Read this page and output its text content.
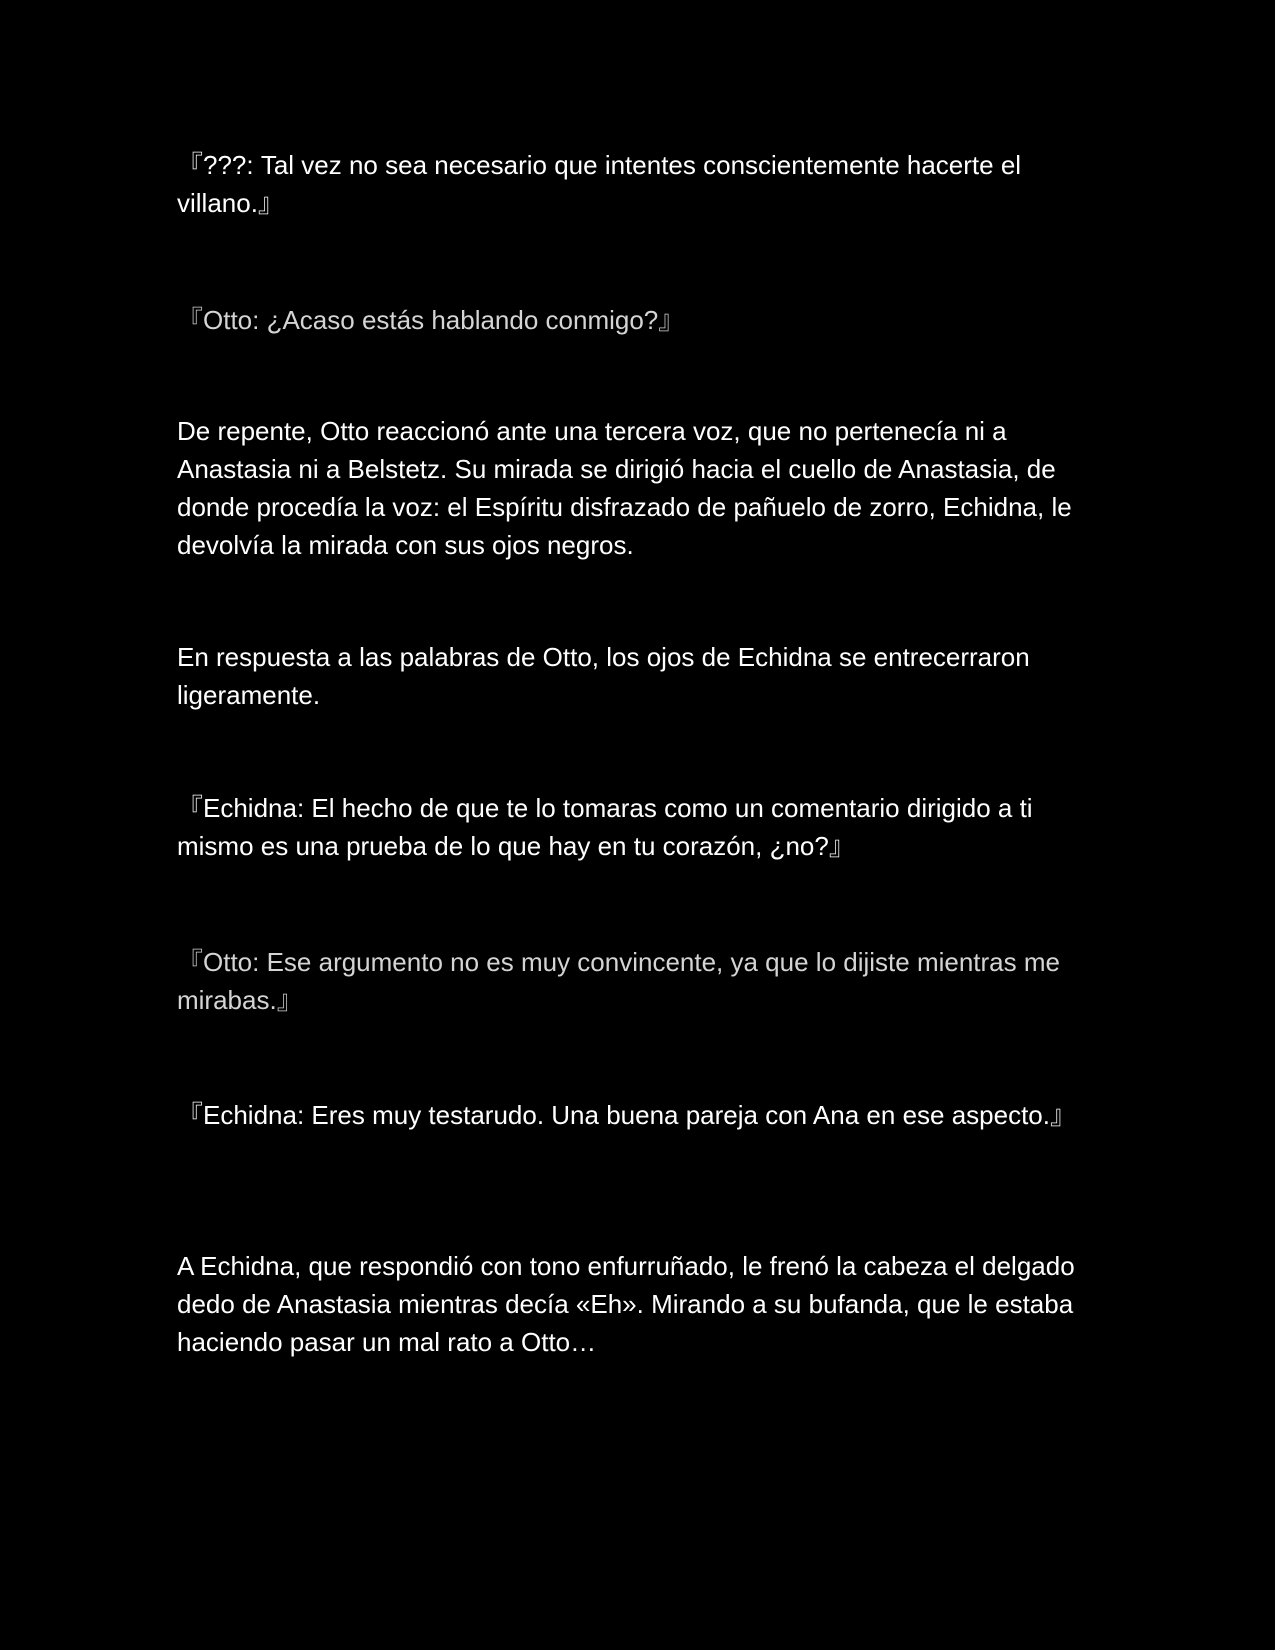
『???: Tal vez no sea necesario que intentes conscientemente hacerte el villano.』

『Otto: ¿Acaso estás hablando conmigo?』

De repente, Otto reaccionó ante una tercera voz, que no pertenecía ni a Anastasia ni a Belstetz. Su mirada se dirigió hacia el cuello de Anastasia, de donde procedía la voz: el Espíritu disfrazado de pañuelo de zorro, Echidna, le devolvía la mirada con sus ojos negros.

En respuesta a las palabras de Otto, los ojos de Echidna se entrecerraron ligeramente.

『Echidna: El hecho de que te lo tomaras como un comentario dirigido a ti mismo es una prueba de lo que hay en tu corazón, ¿no?』

『Otto: Ese argumento no es muy convincente, ya que lo dijiste mientras me mirabas.』

『Echidna: Eres muy testarudo. Una buena pareja con Ana en ese aspecto.』

A Echidna, que respondió con tono enfurruñado, le frenó la cabeza el delgado dedo de Anastasia mientras decía «Eh». Mirando a su bufanda, que le estaba haciendo pasar un mal rato a Otto…
